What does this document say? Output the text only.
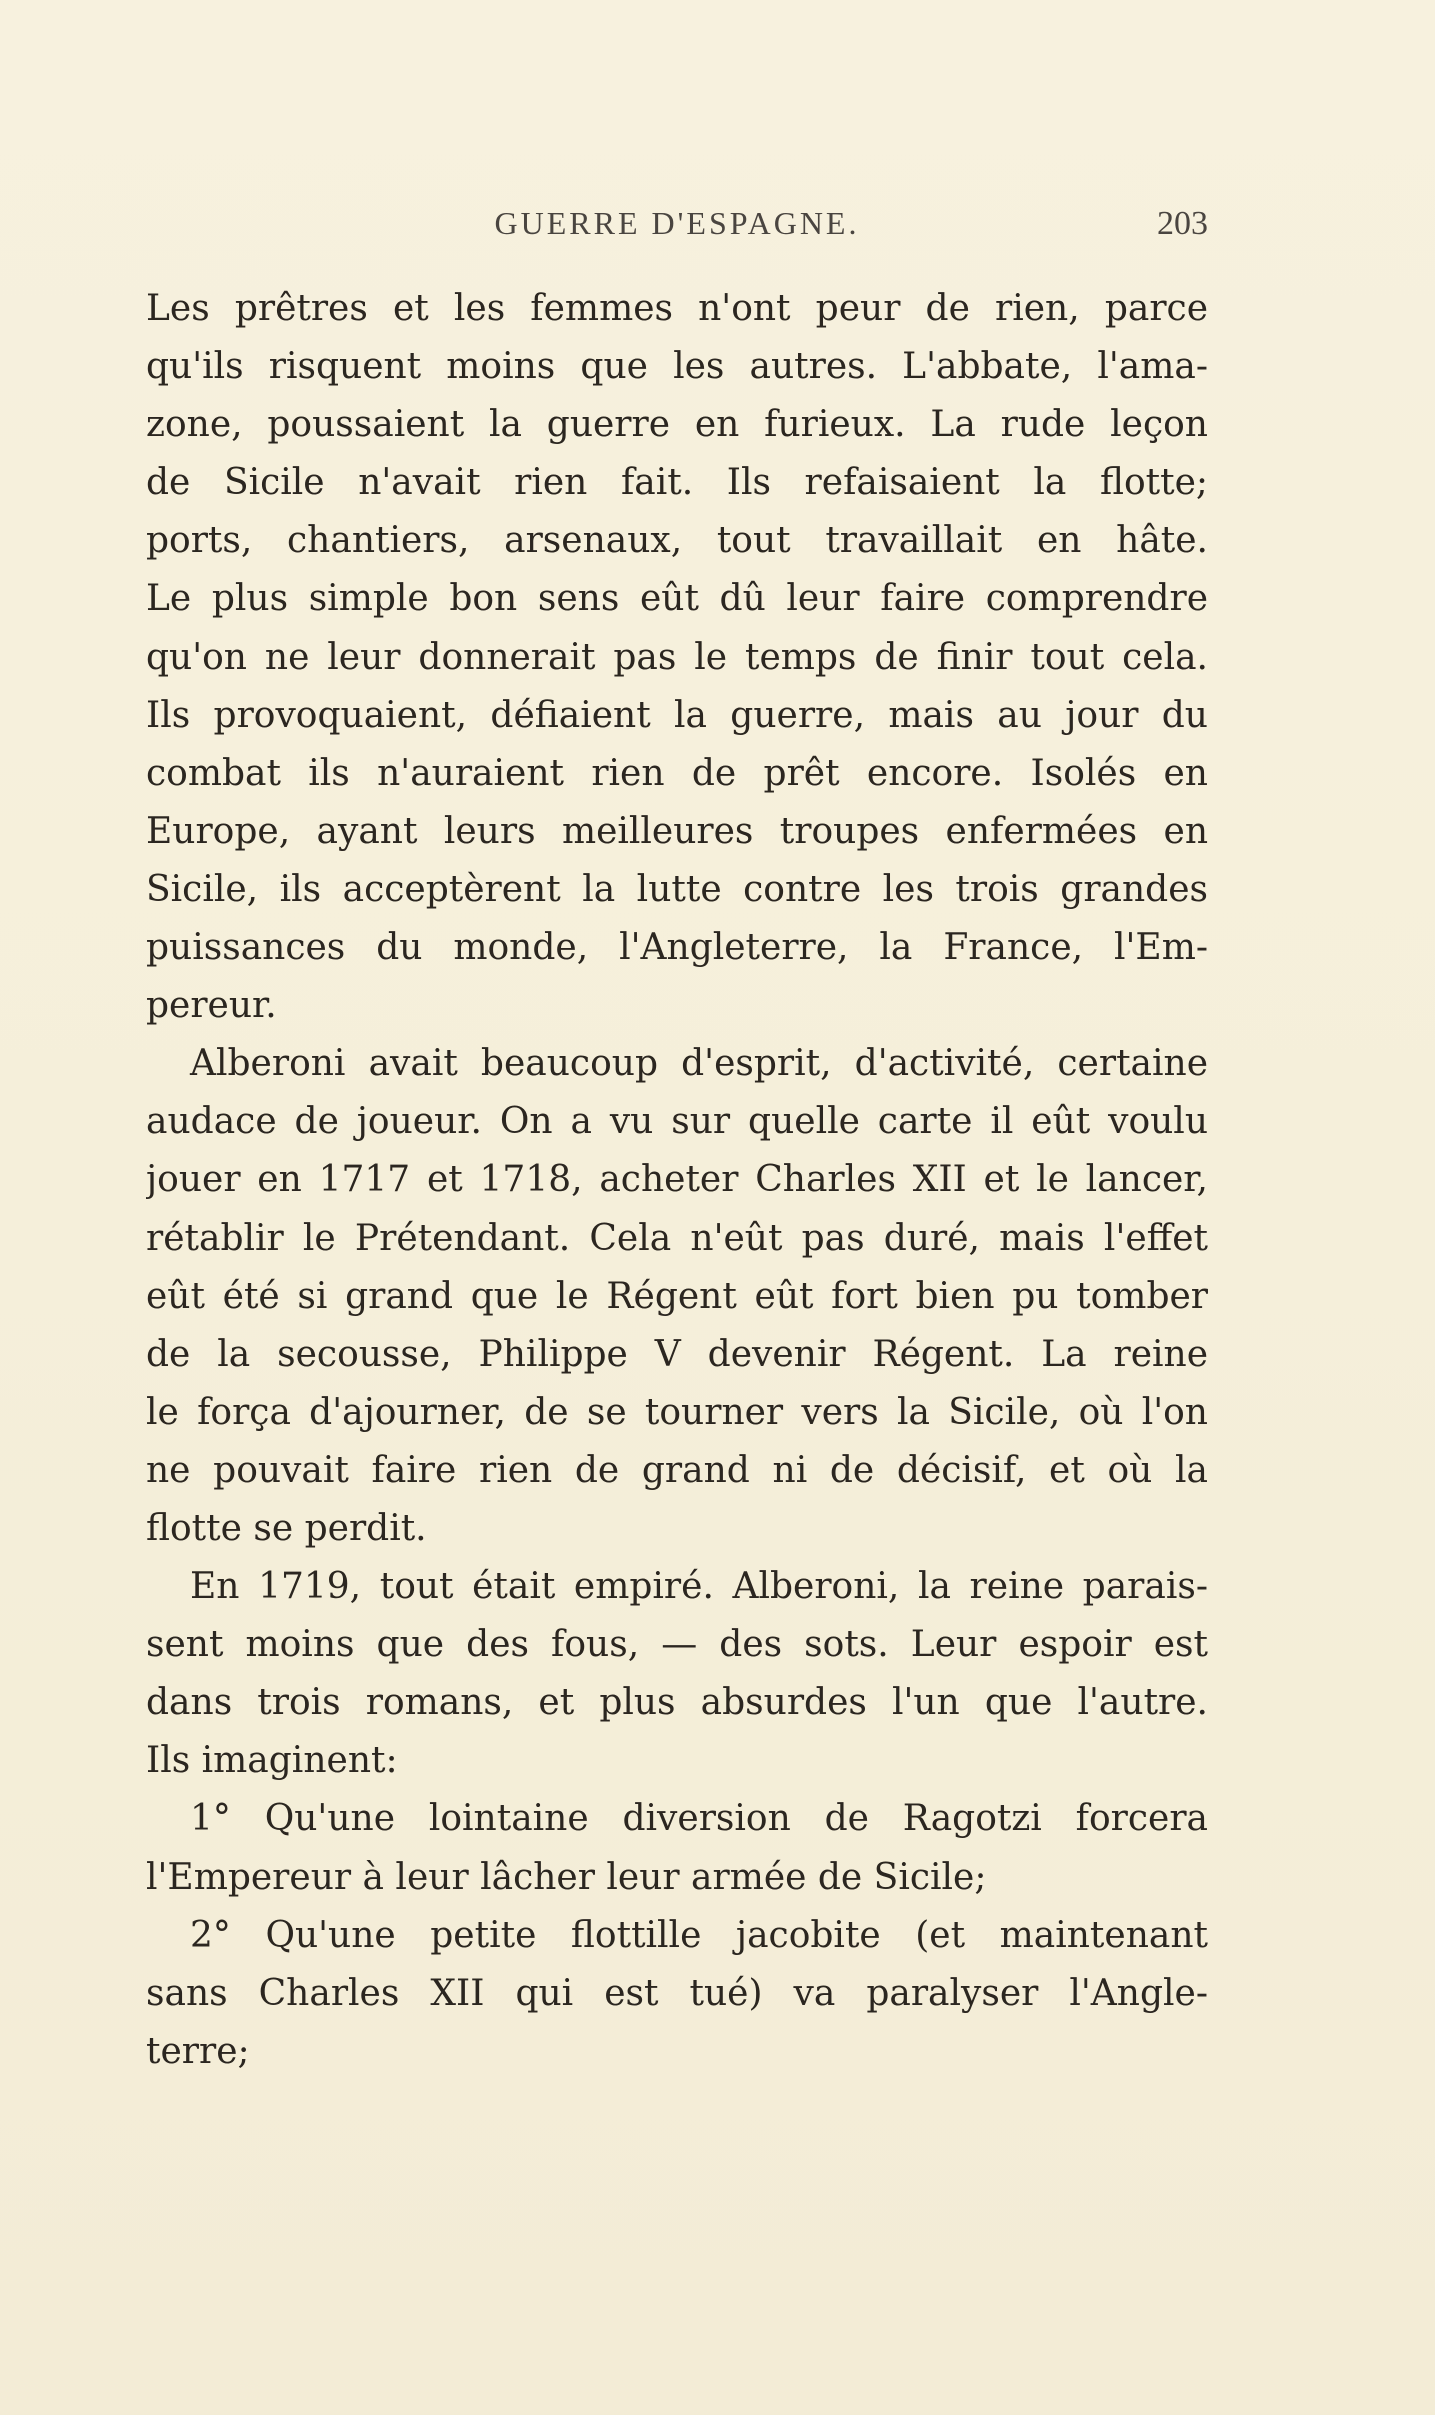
GUERRE D'ESPAGNE.	203
Les prêtres et les femmes n'ont peur de rien, parce
qu'ils risquent moins que les autres. L'abbate, l'ama-
zone, poussaient la guerre en furieux. La rude leçon
de Sicile n'avait rien fait. Ils refaisaient la flotte;
ports, chantiers, arsenaux, tout travaillait en hâte.
Le plus simple bon sens eût dû leur faire comprendre
qu'on ne leur donnerait pas le temps de finir tout cela.
Ils provoquaient, défiaient la guerre, mais au jour du
combat ils n'auraient rien de prêt encore. Isolés en
Europe, ayant leurs meilleures troupes enfermées en
Sicile, ils acceptèrent la lutte contre les trois grandes
puissances du monde, l'Angleterre, la France, l'Em-
pereur.
Alberoni avait beaucoup d'esprit, d'activité, certaine
audace de joueur. On a vu sur quelle carte il eût voulu
jouer en 1717 et 1718, acheter Charles XII et le lancer,
rétablir le Prétendant. Cela n'eût pas duré, mais l'effet
eût été si grand que le Régent eût fort bien pu tomber
de la secousse, Philippe V devenir Régent. La reine
le força d'ajourner, de se tourner vers la Sicile, où l'on
ne pouvait faire rien de grand ni de décisif, et où la
flotte se perdit.
En 1719, tout était empiré. Alberoni, la reine parais-
sent moins que des fous, — des sots. Leur espoir est
dans trois romans, et plus absurdes l'un que l'autre.
Ils imaginent:
1° Qu'une lointaine diversion de Ragotzi forcera
l'Empereur à leur lâcher leur armée de Sicile;
2° Qu'une petite flottille jacobite (et maintenant
sans Charles XII qui est tué) va paralyser l'Angle-
terre;
